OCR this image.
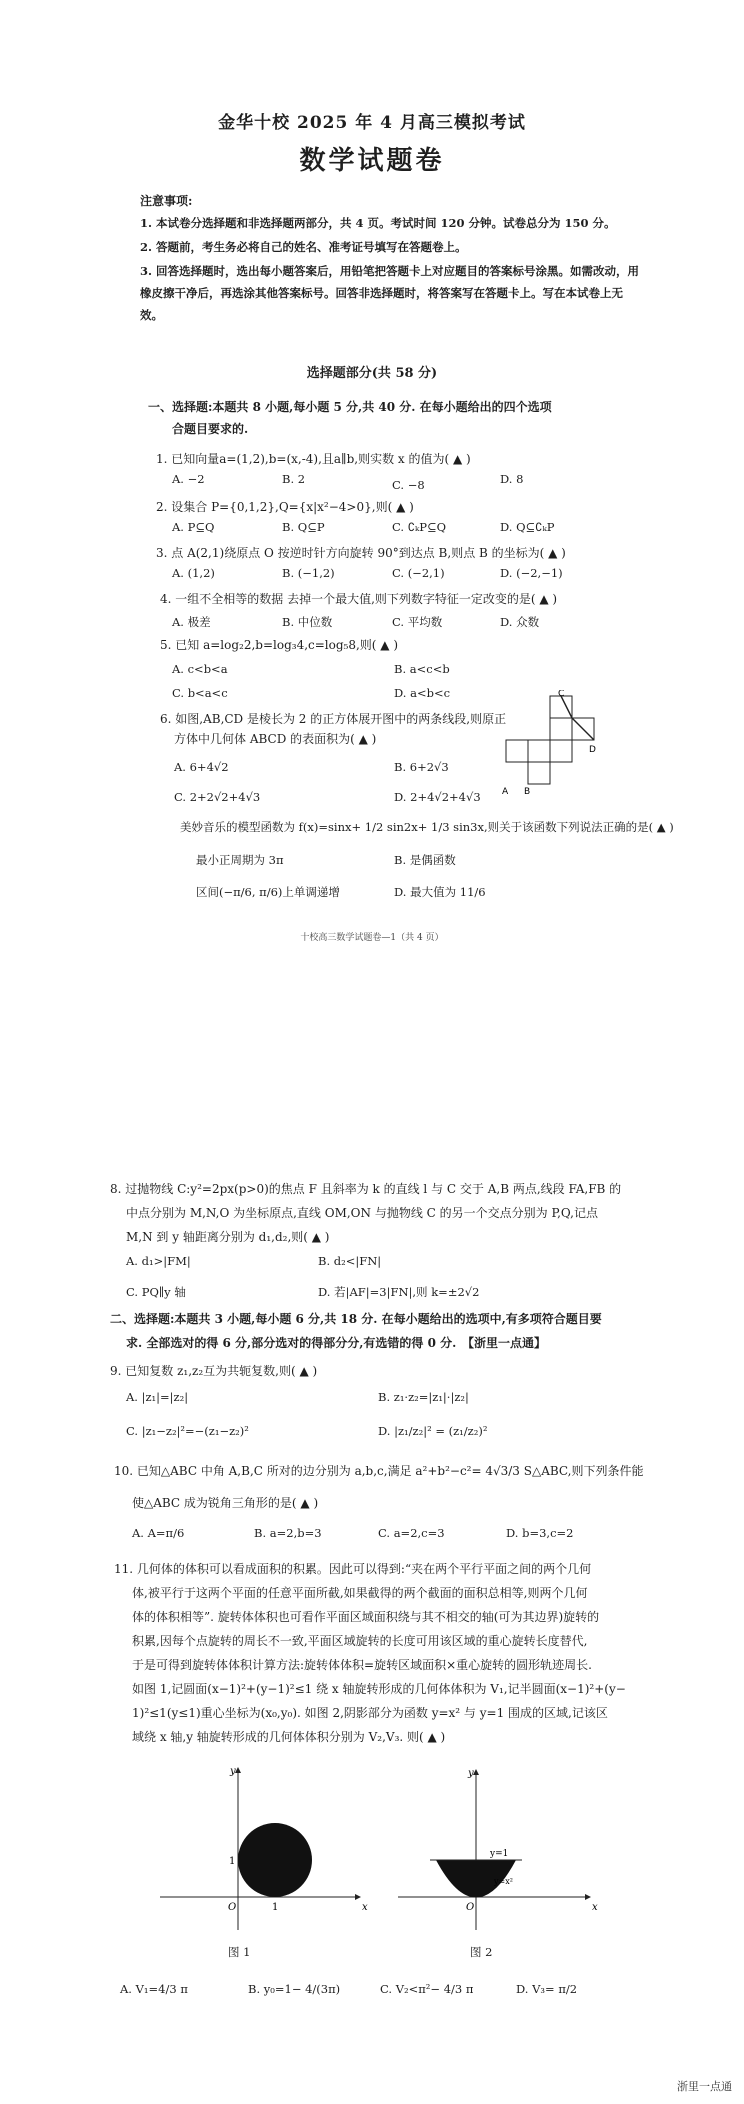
金华十校 2025 年 4 月高三模拟考试
数学试题卷
注意事项:
1. 本试卷分选择题和非选择题两部分，共 4 页。考试时间 120 分钟。试卷总分为 150 分。
2. 答题前，考生务必将自己的姓名、准考证号填写在答题卷上。
3. 回答选择题时，选出每小题答案后，用铅笔把答题卡上对应题目的答案标号涂黑。如需改动，用橡皮擦干净后，再选涂其他答案标号。回答非选择题时，将答案写在答题卡上。写在本试卷上无效。
选择题部分(共 58 分)
一、选择题:本题共 8 小题,每小题 5 分,共 40 分. 在每小题给出的四个选项
合题目要求的.
1. 已知向量a=(1,2),b=(x,-4),且a∥b,则实数 x 的值为( ▲ )
A. −2	B. 2	C. −8	D. 8
2. 设集合 P={0,1,2},Q={x|x²−4>0},则( ▲ )
A. P⊆Q	B. Q⊆P	C. ∁ₖP⊆Q	D. Q⊆∁ₖP
3. 点 A(2,1)绕原点 O 按逆时针方向旋转 90°到达点 B,则点 B 的坐标为( ▲ )
A. (1,2)	B. (−1,2)	C. (−2,1)	D. (−2,−1)
4. 一组不全相等的数据 去掉一个最大值,则下列数字特征一定改变的是( ▲ )
A. 极差	B. 中位数	C. 平均数	D. 众数
5. 已知 a=log₂2,b=log₃4,c=log₅8,则( ▲ )
A. c<b<a	B. a<c<b
C. b<a<c	D. a<b<c
6. 如图,AB,CD 是棱长为 2 的正方体展开图中的两条线段,则原正
方体中几何体 ABCD 的表面积为( ▲ )
A. 6+4√2	B. 6+2√3
C. 2+2√2+4√3	D. 2+4√2+4√3
C
D
A B
美妙音乐的模型函数为 f(x)=sinx+ 1/2 sin2x+ 1/3 sin3x,则关于该函数下列说法正确的是( ▲ )
最小正周期为 3π	B. 是偶函数
区间(−π/6, π/6)上单调递增	D. 最大值为 11/6
十校高三数学试题卷—1（共 4 页）
8. 过抛物线 C:y²=2px(p>0)的焦点 F 且斜率为 k 的直线 l 与 C 交于 A,B 两点,线段 FA,FB 的
中点分别为 M,N,O 为坐标原点,直线 OM,ON 与抛物线 C 的另一个交点分别为 P,Q,记点
M,N 到 y 轴距离分别为 d₁,d₂,则( ▲ )
A. d₁>|FM|	B. d₂<|FN|
C. PQ∥y 轴	D. 若|AF|=3|FN|,则 k=±2√2
二、选择题:本题共 3 小题,每小题 6 分,共 18 分. 在每小题给出的选项中,有多项符合题目要
求. 全部选对的得 6 分,部分选对的得部分分,有选错的得 0 分. 【浙里一点通】
9. 已知复数 z₁,z₂互为共轭复数,则( ▲ )
A. |z₁|=|z₂|	B. z₁·z₂=|z₁|·|z₂|
C. |z₁−z₂|²=−(z₁−z₂)²	D. |z₁/z₂|² = (z₁/z₂)²
10. 已知△ABC 中角 A,B,C 所对的边分别为 a,b,c,满足 a²+b²−c²= 4√3/3 S△ABC,则下列条件能
使△ABC 成为锐角三角形的是( ▲ )
A. A=π/6	B. a=2,b=3	C. a=2,c=3	D. b=3,c=2
11. 几何体的体积可以看成面积的积累。因此可以得到:“夹在两个平行平面之间的两个几何
体,被平行于这两个平面的任意平面所截,如果截得的两个截面的面积总相等,则两个几何
体的体积相等”. 旋转体体积也可看作平面区域面积绕与其不相交的轴(可为其边界)旋转的
积累,因每个点旋转的周长不一致,平面区域旋转的长度可用该区域的重心旋转长度替代,
于是可得到旋转体体积计算方法:旋转体体积=旋转区域面积×重心旋转的圆形轨迹周长.
如图 1,记圆面(x−1)²+(y−1)²≤1 绕 x 轴旋转形成的几何体体积为 V₁,记半圆面(x−1)²+(y−
1)²≤1(y≤1)重心坐标为(x₀,y₀). 如图 2,阴影部分为函数 y=x² 与 y=1 围成的区域,记该区
域绕 x 轴,y 轴旋转形成的几何体体积分别为 V₂,V₃. 则( ▲ )
y
x
O	1
1
图 1
y
x
O
y=1
y=x²
图 2
A. V₁=4/3 π	B. y₀=1− 4/(3π)	C. V₂<π²− 4/3 π	D. V₃= π/2
浙里一点通
